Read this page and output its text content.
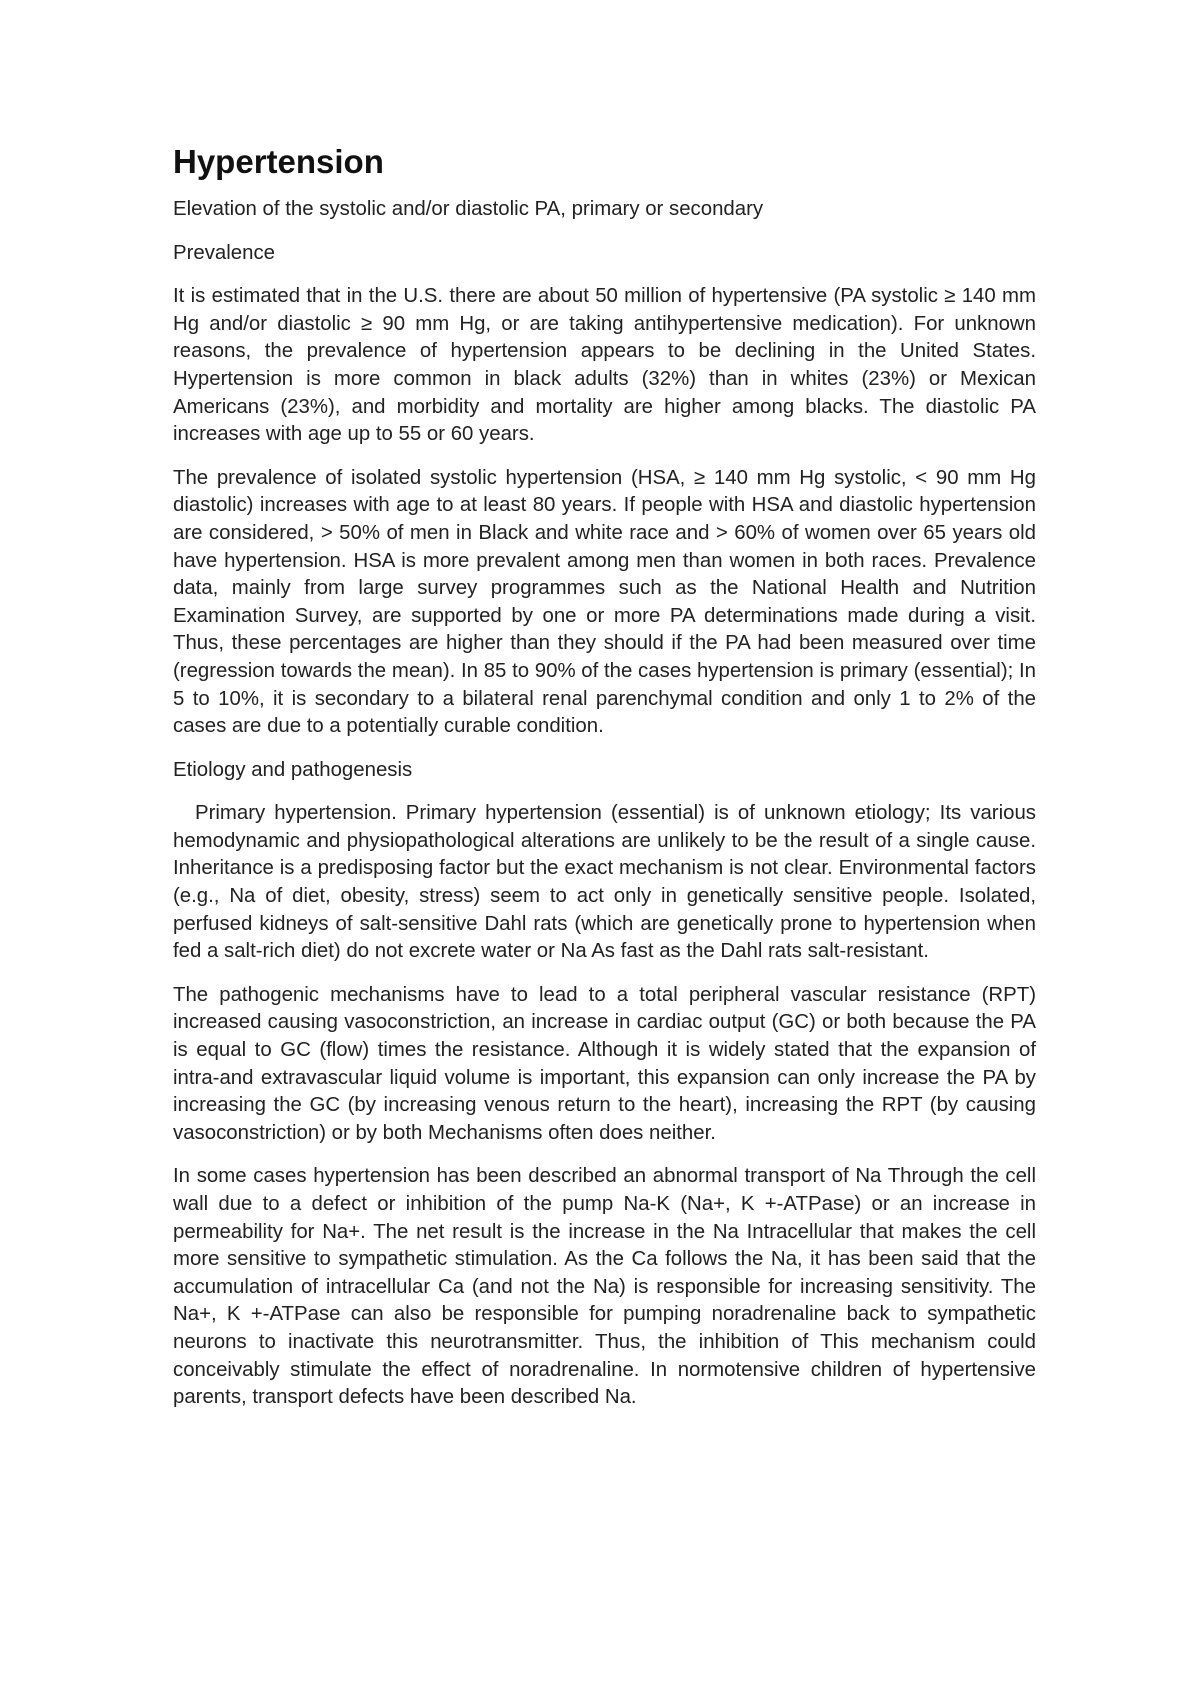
Hypertension

Elevation of the systolic and/or diastolic PA, primary or secondary

Prevalence

It is estimated that in the U.S. there are about 50 million of hypertensive (PA systolic ≥ 140 mm Hg and/or diastolic ≥ 90 mm Hg, or are taking antihypertensive medication). For unknown reasons, the prevalence of hypertension appears to be declining in the United States. Hypertension is more common in black adults (32%) than in whites (23%) or Mexican Americans (23%), and morbidity and mortality are higher among blacks. The diastolic PA increases with age up to 55 or 60 years.

The prevalence of isolated systolic hypertension (HSA, ≥ 140 mm Hg systolic, < 90 mm Hg diastolic) increases with age to at least 80 years. If people with HSA and diastolic hypertension are considered, > 50% of men in Black and white race and > 60% of women over 65 years old have hypertension. HSA is more prevalent among men than women in both races. Prevalence data, mainly from large survey programmes such as the National Health and Nutrition Examination Survey, are supported by one or more PA determinations made during a visit. Thus, these percentages are higher than they should if the PA had been measured over time (regression towards the mean). In 85 to 90% of the cases hypertension is primary (essential); In 5 to 10%, it is secondary to a bilateral renal parenchymal condition and only 1 to 2% of the cases are due to a potentially curable condition.

Etiology and pathogenesis

Primary hypertension. Primary hypertension (essential) is of unknown etiology; Its various hemodynamic and physiopathological alterations are unlikely to be the result of a single cause. Inheritance is a predisposing factor but the exact mechanism is not clear. Environmental factors (e.g., Na of diet, obesity, stress) seem to act only in genetically sensitive people. Isolated, perfused kidneys of salt-sensitive Dahl rats (which are genetically prone to hypertension when fed a salt-rich diet) do not excrete water or Na As fast as the Dahl rats salt-resistant.

The pathogenic mechanisms have to lead to a total peripheral vascular resistance (RPT) increased causing vasoconstriction, an increase in cardiac output (GC) or both because the PA is equal to GC (flow) times the resistance. Although it is widely stated that the expansion of intra-and extravascular liquid volume is important, this expansion can only increase the PA by increasing the GC (by increasing venous return to the heart), increasing the RPT (by causing vasoconstriction) or by both Mechanisms often does neither.

In some cases hypertension has been described an abnormal transport of Na Through the cell wall due to a defect or inhibition of the pump Na-K (Na+, K +-ATPase) or an increase in permeability for Na+. The net result is the increase in the Na Intracellular that makes the cell more sensitive to sympathetic stimulation. As the Ca follows the Na, it has been said that the accumulation of intracellular Ca (and not the Na) is responsible for increasing sensitivity. The Na+, K +-ATPase can also be responsible for pumping noradrenaline back to sympathetic neurons to inactivate this neurotransmitter. Thus, the inhibition of This mechanism could conceivably stimulate the effect of noradrenaline. In normotensive children of hypertensive parents, transport defects have been described Na.
